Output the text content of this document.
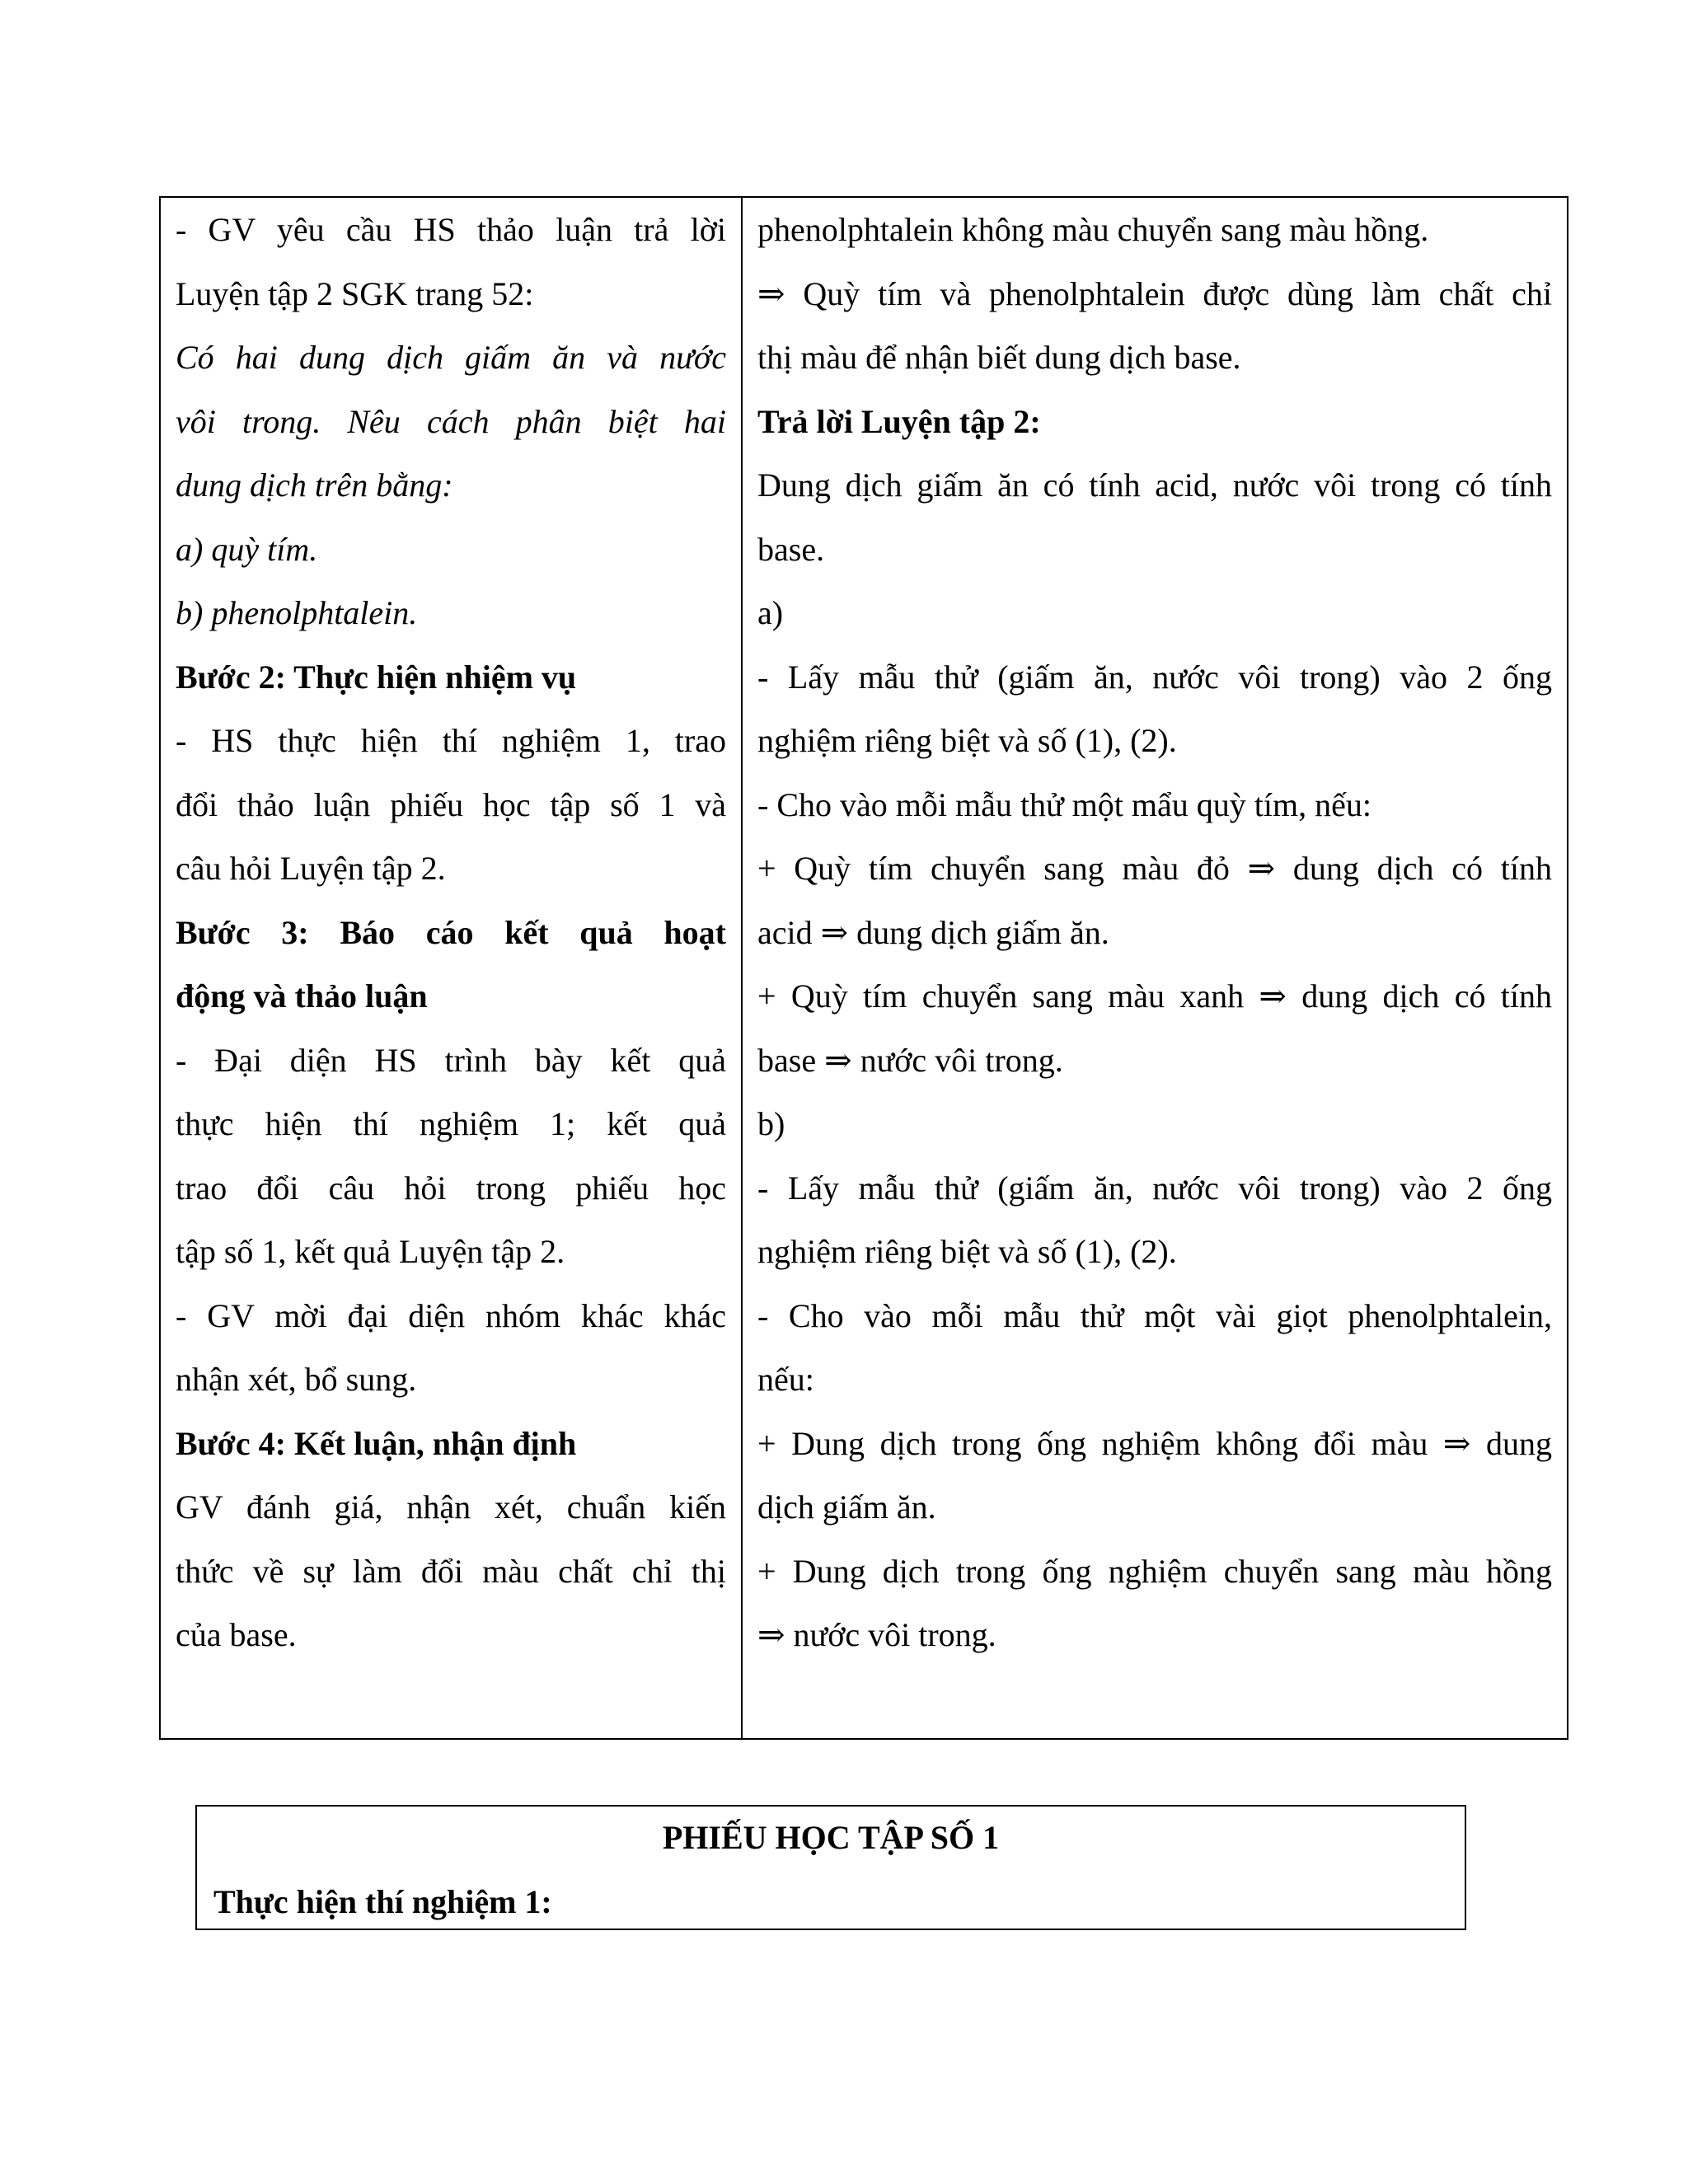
- GV yêu cầu HS thảo luận trả lời
Luyện tập 2 SGK trang 52:
Có hai dung dịch giấm ăn và nước
vôi trong. Nêu cách phân biệt hai
dung dịch trên bằng:
a) quỳ tím.
b) phenolphtalein.
Bước 2: Thực hiện nhiệm vụ
- HS thực hiện thí nghiệm 1, trao
đổi thảo luận phiếu học tập số 1 và
câu hỏi Luyện tập 2.
Bước 3: Báo cáo kết quả hoạt
động và thảo luận
- Đại diện HS trình bày kết quả
thực hiện thí nghiệm 1; kết quả
trao đổi câu hỏi trong phiếu học
tập số 1, kết quả Luyện tập 2.
- GV mời đại diện nhóm khác khác
nhận xét, bổ sung.
Bước 4: Kết luận, nhận định
GV đánh giá, nhận xét, chuẩn kiến
thức về sự làm đổi màu chất chỉ thị
của base.

phenolphtalein không màu chuyển sang màu hồng.
⇒ Quỳ tím và phenolphtalein được dùng làm chất chỉ
thị màu để nhận biết dung dịch base.
Trả lời Luyện tập 2:
Dung dịch giấm ăn có tính acid, nước vôi trong có tính
base.
a)
- Lấy mẫu thử (giấm ăn, nước vôi trong) vào 2 ống
nghiệm riêng biệt và số (1), (2).
- Cho vào mỗi mẫu thử một mẩu quỳ tím, nếu:
+ Quỳ tím chuyển sang màu đỏ ⇒ dung dịch có tính
acid ⇒ dung dịch giấm ăn.
+ Quỳ tím chuyển sang màu xanh ⇒ dung dịch có tính
base ⇒ nước vôi trong.
b)
- Lấy mẫu thử (giấm ăn, nước vôi trong) vào 2 ống
nghiệm riêng biệt và số (1), (2).
- Cho vào mỗi mẫu thử một vài giọt phenolphtalein,
nếu:
+ Dung dịch trong ống nghiệm không đổi màu ⇒ dung
dịch giấm ăn.
+ Dung dịch trong ống nghiệm chuyển sang màu hồng
⇒ nước vôi trong.
PHIẾU HỌC TẬP SỐ 1
Thực hiện thí nghiệm 1:
